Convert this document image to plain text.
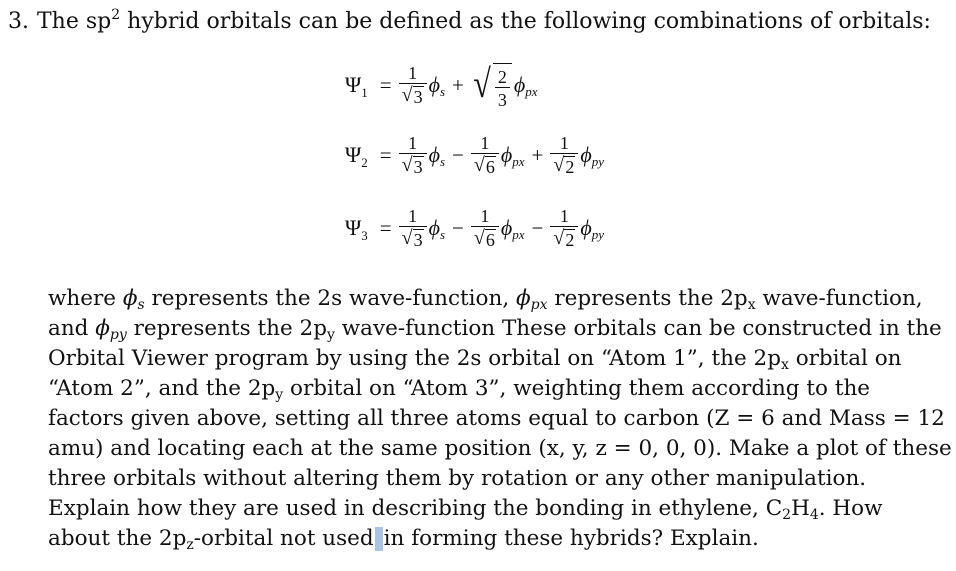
3. The $sp^2$ hybrid orbitals can be defined as the following combinations of orbitals:
Ψ $1 = \frac{1}{√ 3}$ ϕ s + √ $\frac{2}{3}$ ϕ px
Ψ $2 = \frac{1}{√ 3}$ ϕ $s - \frac{1}{√ 6}$ ϕ px + $\frac{1}{√ 2}$ ϕ py
Ψ $3 = \frac{1}{√ 3}$ ϕ $s - \frac{1}{√ 6}$ ϕ px − $\frac{1}{√ 2}$ ϕ py

where ϕs represents the 2s wave-function, ϕpx represents the $2p_x$ wave-function,

and ϕpy represents the $2p_y$ wave-function These orbitals can be constructed in the

Orbital Viewer program by using the 2s orbital on “Atom 1”, the $2p_x$ orbital on

“Atom 2”, and the $2p_y$ orbital on “Atom 3”, weighting them according to the

factors given above, setting all three atoms equal to carbon (Z = 6 and Mass = 12

amu) and locating each at the same position (x, y, z = 0, 0, 0). Make a plot of these

three orbitals without altering them by rotation or any other manipulation.

Explain how they are used in describing the bonding in ethylene, $C_2H_4$. How

about the $2p_z$-orbital not used in forming these hybrids? Explain.
